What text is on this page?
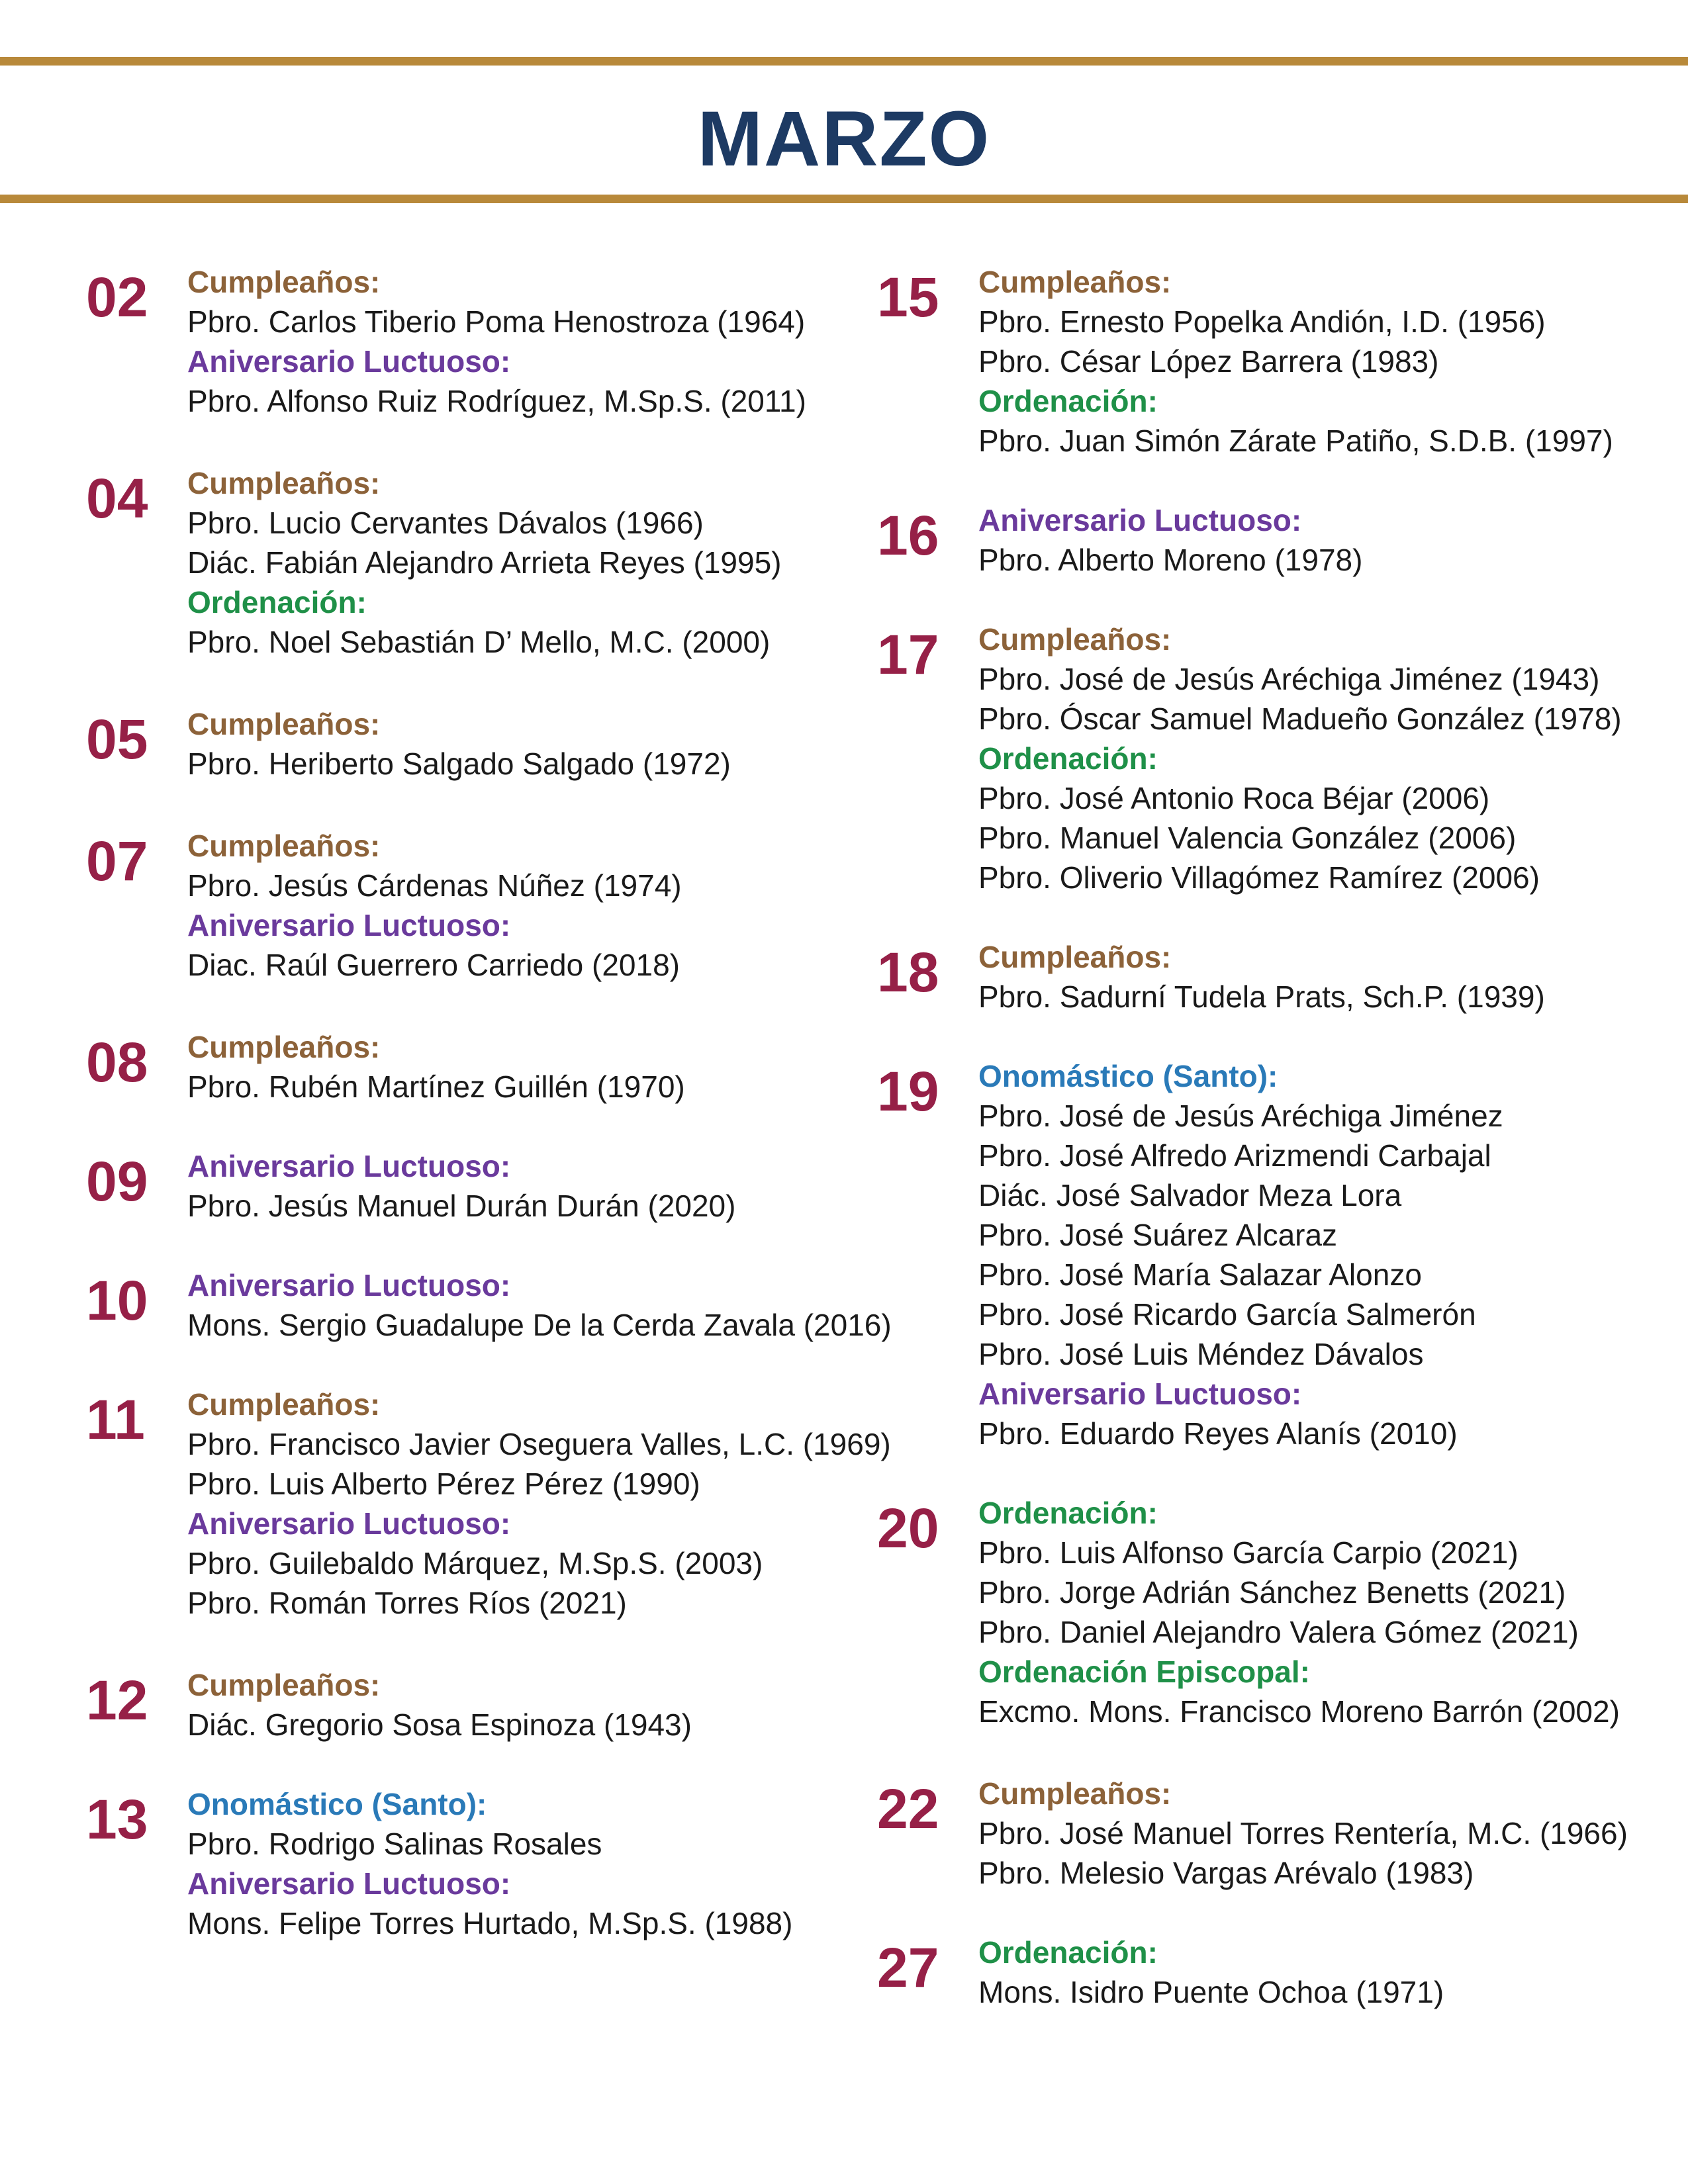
MARZO
02 Cumpleaños:
Pbro. Carlos Tiberio Poma Henostroza (1964)
Aniversario Luctuoso:
Pbro. Alfonso Ruiz Rodríguez, M.Sp.S. (2011)
04 Cumpleaños:
Pbro. Lucio Cervantes Dávalos (1966)
Diác. Fabián Alejandro Arrieta Reyes (1995)
Ordenación:
Pbro. Noel Sebastián D’ Mello, M.C. (2000)
05 Cumpleaños:
Pbro. Heriberto Salgado Salgado (1972)
07 Cumpleaños:
Pbro. Jesús Cárdenas Núñez (1974)
Aniversario Luctuoso:
Diac. Raúl Guerrero Carriedo (2018)
08 Cumpleaños:
Pbro. Rubén Martínez Guillén (1970)
09 Aniversario Luctuoso:
Pbro. Jesús Manuel Durán Durán (2020)
10 Aniversario Luctuoso:
Mons. Sergio Guadalupe De la Cerda Zavala (2016)
11 Cumpleaños:
Pbro. Francisco Javier Oseguera Valles, L.C. (1969)
Pbro. Luis Alberto Pérez Pérez (1990)
Aniversario Luctuoso:
Pbro. Guilebaldo Márquez, M.Sp.S. (2003)
Pbro. Román Torres Ríos (2021)
12 Cumpleaños:
Diác. Gregorio Sosa Espinoza (1943)
13 Onomástico (Santo):
Pbro. Rodrigo Salinas Rosales
Aniversario Luctuoso:
Mons. Felipe Torres Hurtado, M.Sp.S. (1988)
15 Cumpleaños:
Pbro. Ernesto Popelka Andión, I.D. (1956)
Pbro. César López Barrera (1983)
Ordenación:
Pbro. Juan Simón Zárate Patiño, S.D.B. (1997)
16 Aniversario Luctuoso:
Pbro. Alberto Moreno (1978)
17 Cumpleaños:
Pbro. José de Jesús Aréchiga Jiménez (1943)
Pbro. Óscar Samuel Madueño González (1978)
Ordenación:
Pbro. José Antonio Roca Béjar (2006)
Pbro. Manuel Valencia González (2006)
Pbro. Oliverio Villagómez Ramírez (2006)
18 Cumpleaños:
Pbro. Sadurní Tudela Prats, Sch.P. (1939)
19 Onomástico (Santo):
Pbro. José de Jesús Aréchiga Jiménez
Pbro. José Alfredo Arizmendi Carbajal
Diác. José Salvador Meza Lora
Pbro. José Suárez Alcaraz
Pbro. José María Salazar Alonzo
Pbro. José Ricardo García Salmerón
Pbro. José Luis Méndez Dávalos
Aniversario Luctuoso:
Pbro. Eduardo Reyes Alanís (2010)
20 Ordenación:
Pbro. Luis Alfonso García Carpio (2021)
Pbro. Jorge Adrián Sánchez Benetts (2021)
Pbro. Daniel Alejandro Valera Gómez (2021)
Ordenación Episcopal:
Excmo. Mons. Francisco Moreno Barrón (2002)
22 Cumpleaños:
Pbro. José Manuel Torres Rentería, M.C. (1966)
Pbro. Melesio Vargas Arévalo (1983)
27 Ordenación:
Mons. Isidro Puente Ochoa (1971)
